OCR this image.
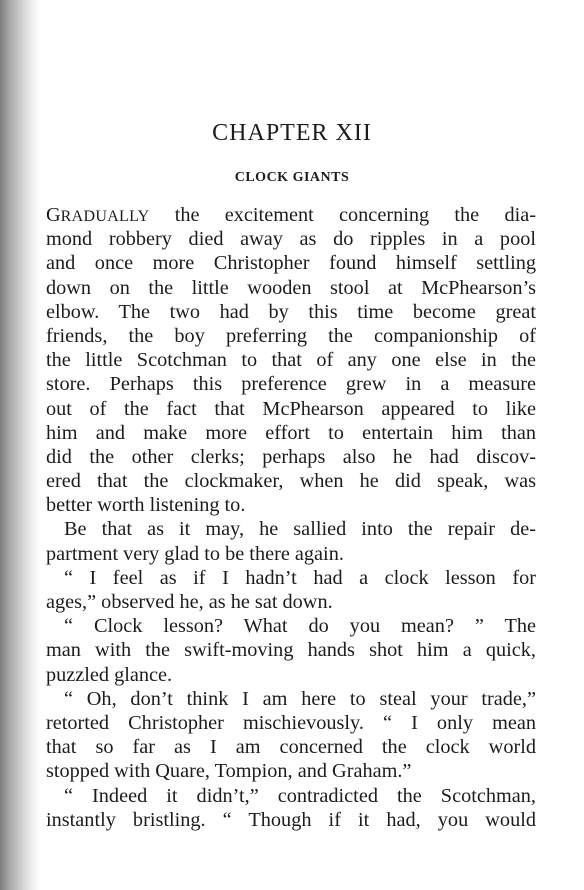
CHAPTER XII
CLOCK GIANTS
GRADUALLY the excitement concerning the dia-
mond robbery died away as do ripples in a pool
and once more Christopher found himself settling
down on the little wooden stool at McPhearson’s
elbow. The two had by this time become great
friends, the boy preferring the companionship of
the little Scotchman to that of any one else in the
store. Perhaps this preference grew in a measure
out of the fact that McPhearson appeared to like
him and make more effort to entertain him than
did the other clerks; perhaps also he had discov-
ered that the clockmaker, when he did speak, was
better worth listening to.
Be that as it may, he sallied into the repair de-
partment very glad to be there again.
“ I feel as if I hadn’t had a clock lesson for
ages,” observed he, as he sat down.
“ Clock lesson? What do you mean? ” The
man with the swift-moving hands shot him a quick,
puzzled glance.
“ Oh, don’t think I am here to steal your trade,”
retorted Christopher mischievously. “ I only mean
that so far as I am concerned the clock world
stopped with Quare, Tompion, and Graham.”
“ Indeed it didn’t,” contradicted the Scotchman,
instantly bristling. “ Though if it had, you would
